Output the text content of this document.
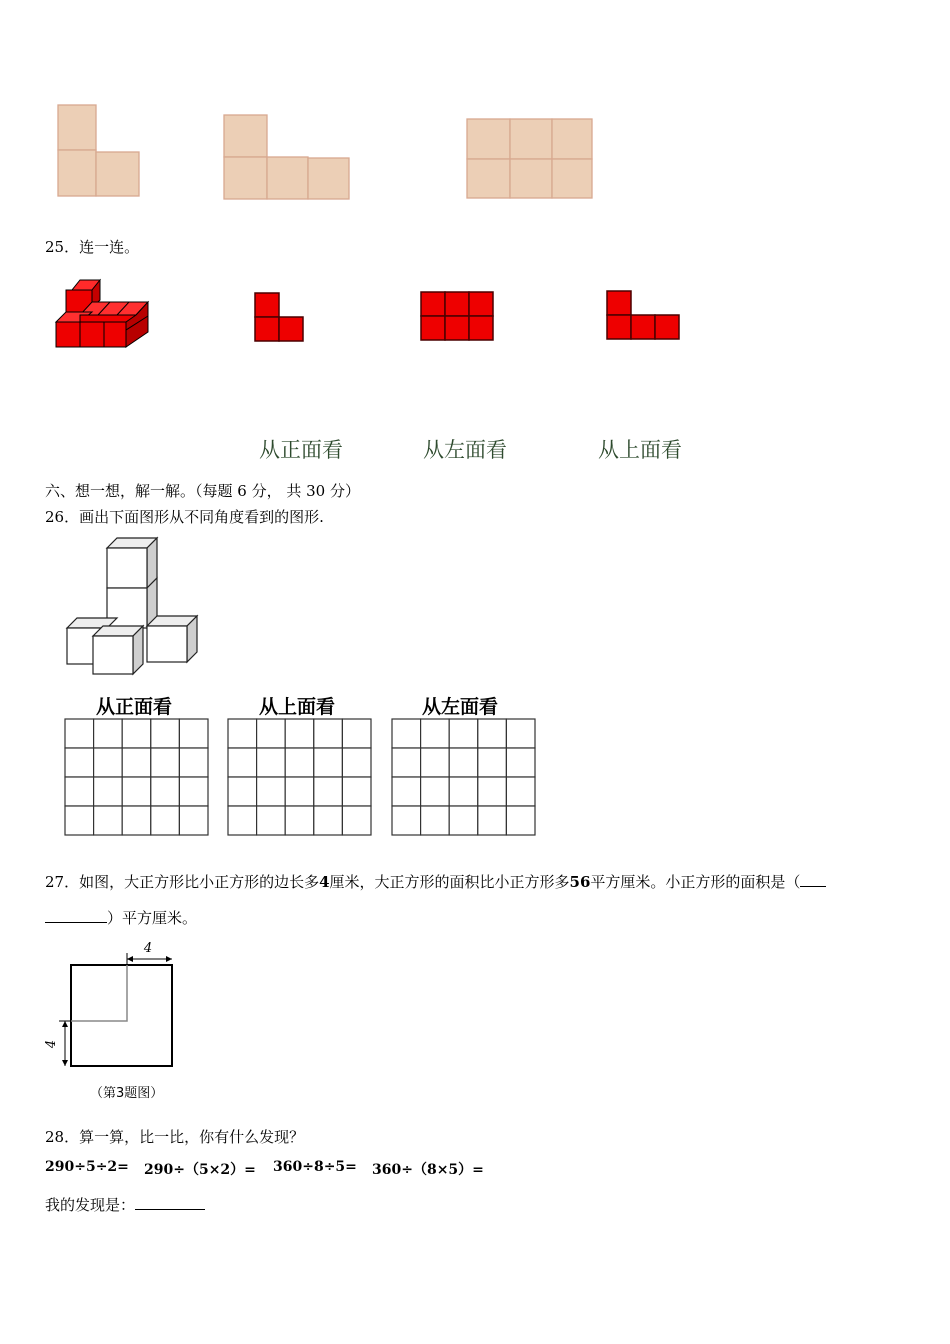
25．连一连。
从正面看	从左面看	从上面看
六、想一想，解一解。（每题 6 分， 共 30 分）
26．画出下面图形从不同角度看到的图形.
从正面看	从上面看	从左面看
27．如图，大正方形比小正方形的边长多4厘米，大正方形的面积比小正方形多56平方厘米。小正方形的面积是（
）平方厘米。
4
4
（第3题图）
28．算一算，比一比，你有什么发现？
290÷5÷2= 290÷（5×2）= 360÷8÷5= 360÷（8×5）=
我的发现是：
